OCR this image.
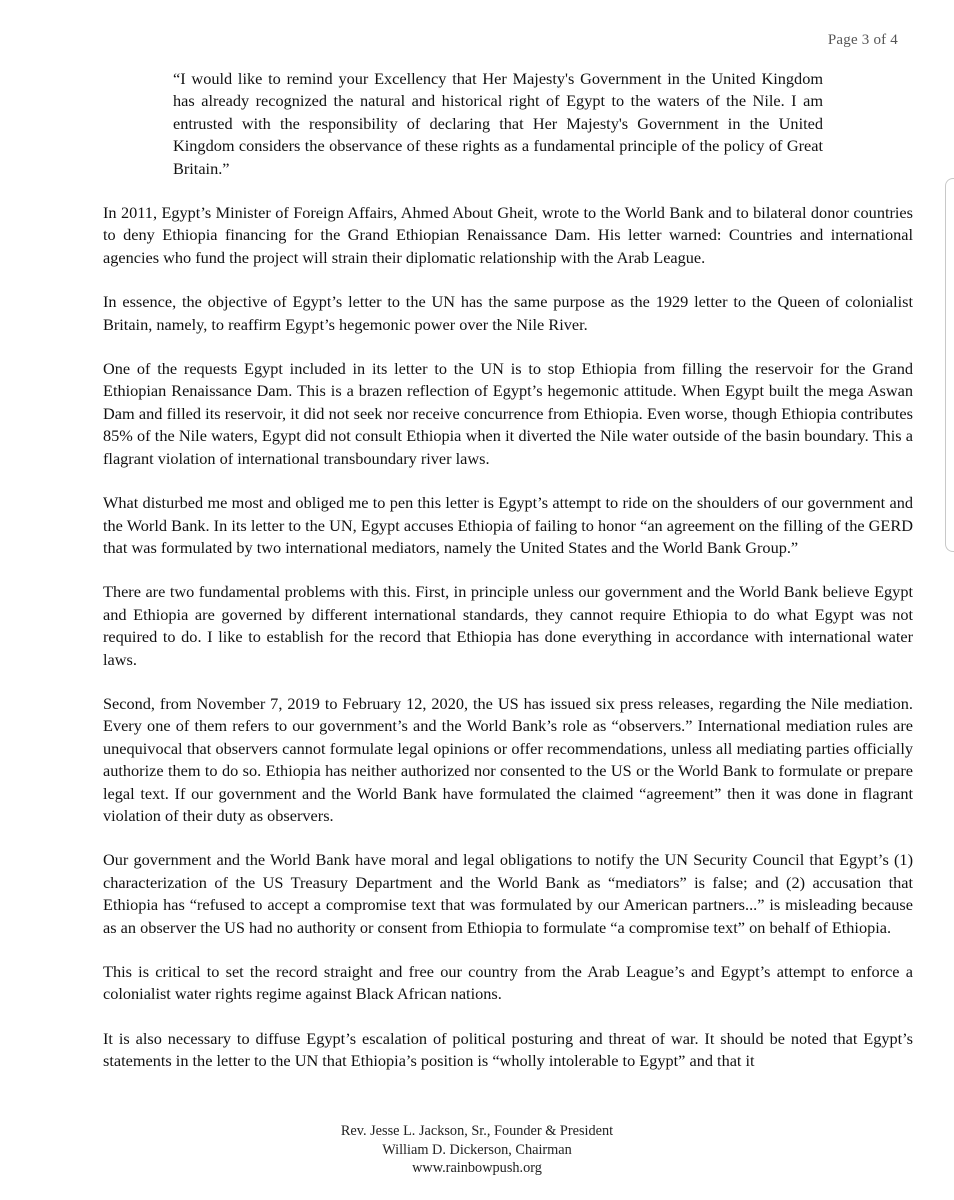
Page 3 of 4

“I would like to remind your Excellency that Her Majesty's Government in the United Kingdom has already recognized the natural and historical right of Egypt to the waters of the Nile. I am entrusted with the responsibility of declaring that Her Majesty's Government in the United Kingdom considers the observance of these rights as a fundamental principle of the policy of Great Britain.”

In 2011, Egypt’s Minister of Foreign Affairs, Ahmed About Gheit, wrote to the World Bank and to bilateral donor countries to deny Ethiopia financing for the Grand Ethiopian Renaissance Dam. His letter warned: Countries and international agencies who fund the project will strain their diplomatic relationship with the Arab League.

In essence, the objective of Egypt’s letter to the UN has the same purpose as the 1929 letter to the Queen of colonialist Britain, namely, to reaffirm Egypt’s hegemonic power over the Nile River.

One of the requests Egypt included in its letter to the UN is to stop Ethiopia from filling the reservoir for the Grand Ethiopian Renaissance Dam. This is a brazen reflection of Egypt’s hegemonic attitude. When Egypt built the mega Aswan Dam and filled its reservoir, it did not seek nor receive concurrence from Ethiopia. Even worse, though Ethiopia contributes 85% of the Nile waters, Egypt did not consult Ethiopia when it diverted the Nile water outside of the basin boundary. This a flagrant violation of international transboundary river laws.

What disturbed me most and obliged me to pen this letter is Egypt’s attempt to ride on the shoulders of our government and the World Bank. In its letter to the UN, Egypt accuses Ethiopia of failing to honor “an agreement on the filling of the GERD that was formulated by two international mediators, namely the United States and the World Bank Group.”

There are two fundamental problems with this. First, in principle unless our government and the World Bank believe Egypt and Ethiopia are governed by different international standards, they cannot require Ethiopia to do what Egypt was not required to do. I like to establish for the record that Ethiopia has done everything in accordance with international water laws.

Second, from November 7, 2019 to February 12, 2020, the US has issued six press releases, regarding the Nile mediation. Every one of them refers to our government’s and the World Bank’s role as “observers.” International mediation rules are unequivocal that observers cannot formulate legal opinions or offer recommendations, unless all mediating parties officially authorize them to do so. Ethiopia has neither authorized nor consented to the US or the World Bank to formulate or prepare legal text. If our government and the World Bank have formulated the claimed “agreement” then it was done in flagrant violation of their duty as observers.

Our government and the World Bank have moral and legal obligations to notify the UN Security Council that Egypt’s (1) characterization of the US Treasury Department and the World Bank as “mediators” is false; and (2) accusation that Ethiopia has “refused to accept a compromise text that was formulated by our American partners...” is misleading because as an observer the US had no authority or consent from Ethiopia to formulate “a compromise text” on behalf of Ethiopia.

This is critical to set the record straight and free our country from the Arab League’s and Egypt’s attempt to enforce a colonialist water rights regime against Black African nations.

It is also necessary to diffuse Egypt’s escalation of political posturing and threat of war. It should be noted that Egypt’s statements in the letter to the UN that Ethiopia’s position is “wholly intolerable to Egypt” and that it

Rev. Jesse L. Jackson, Sr., Founder & President
William D. Dickerson, Chairman
www.rainbowpush.org
